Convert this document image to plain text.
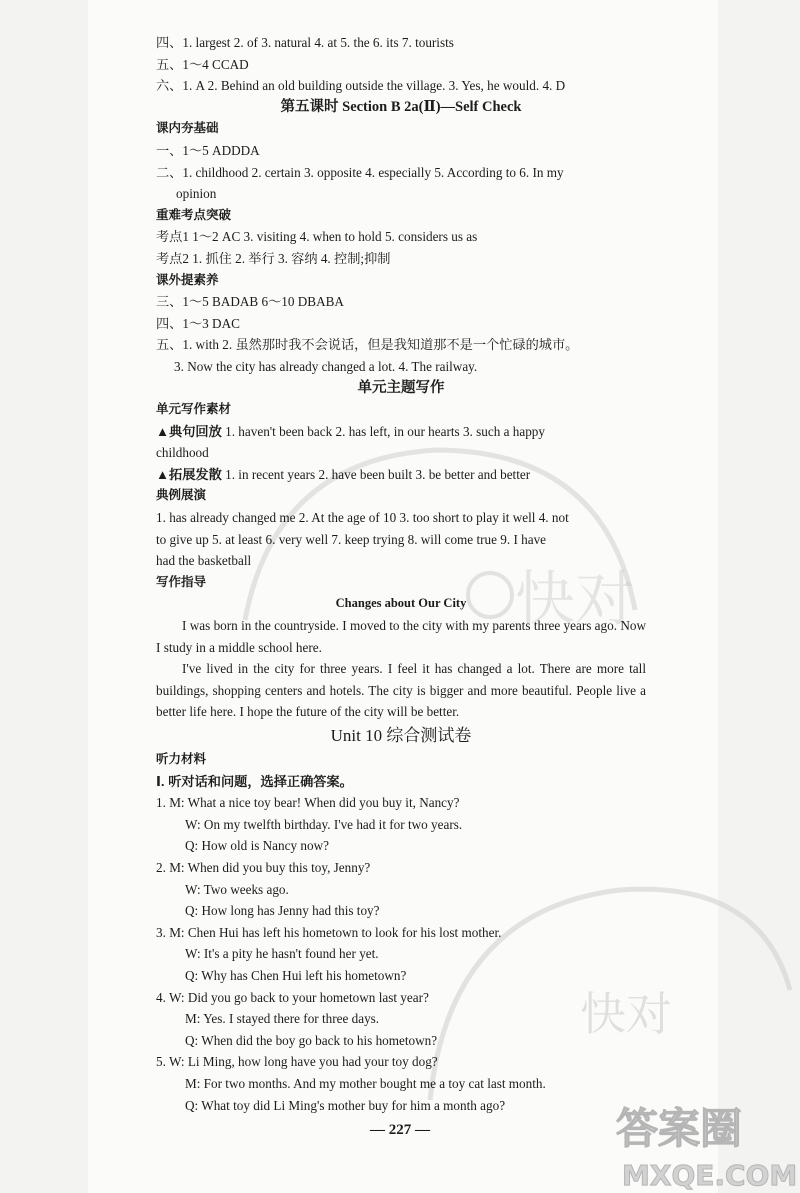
快对
快对
答案圈
MXQE.COM
四、1. largest 2. of 3. natural 4. at 5. the 6. its 7. tourists
五、1～4 CCAD
六、1. A 2. Behind an old building outside the village. 3. Yes, he would. 4. D
第五课时 Section B 2a(Ⅱ)—Self Check
课内夯基础
一、1～5 ADDDA
二、1. childhood 2. certain 3. opposite 4. especially 5. According to 6. In my
opinion
重难考点突破
考点1 1～2 AC 3. visiting 4. when to hold 5. considers us as
考点2 1. 抓住 2. 举行 3. 容纳 4. 控制;抑制
课外提素养
三、1～5 BADAB 6～10 DBABA
四、1～3 DAC
五、1. with 2. 虽然那时我不会说话，但是我知道那不是一个忙碌的城市。
3. Now the city has already changed a lot. 4. The railway.
单元主题写作
单元写作素材
▲典句回放 1. haven't been back 2. has left, in our hearts 3. such a happy
childhood
▲拓展发散 1. in recent years 2. have been built 3. be better and better
典例展演
1. has already changed me 2. At the age of 10 3. too short to play it well 4. not
to give up 5. at least 6. very well 7. keep trying 8. will come true 9. I have
had the basketball
写作指导
Changes about Our City
I was born in the countryside. I moved to the city with my parents three years ago. Now I study in a middle school here.
I've lived in the city for three years. I feel it has changed a lot. There are more tall buildings, shopping centers and hotels. The city is bigger and more beautiful. People live a better life here. I hope the future of the city will be better.
Unit 10 综合测试卷
听力材料
Ⅰ. 听对话和问题，选择正确答案。
1. M: What a nice toy bear! When did you buy it, Nancy?
W: On my twelfth birthday. I've had it for two years.
Q: How old is Nancy now?
2. M: When did you buy this toy, Jenny?
W: Two weeks ago.
Q: How long has Jenny had this toy?
3. M: Chen Hui has left his hometown to look for his lost mother.
W: It's a pity he hasn't found her yet.
Q: Why has Chen Hui left his hometown?
4. W: Did you go back to your hometown last year?
M: Yes. I stayed there for three days.
Q: When did the boy go back to his hometown?
5. W: Li Ming, how long have you had your toy dog?
M: For two months. And my mother bought me a toy cat last month.
Q: What toy did Li Ming's mother buy for him a month ago?
— 227 —
